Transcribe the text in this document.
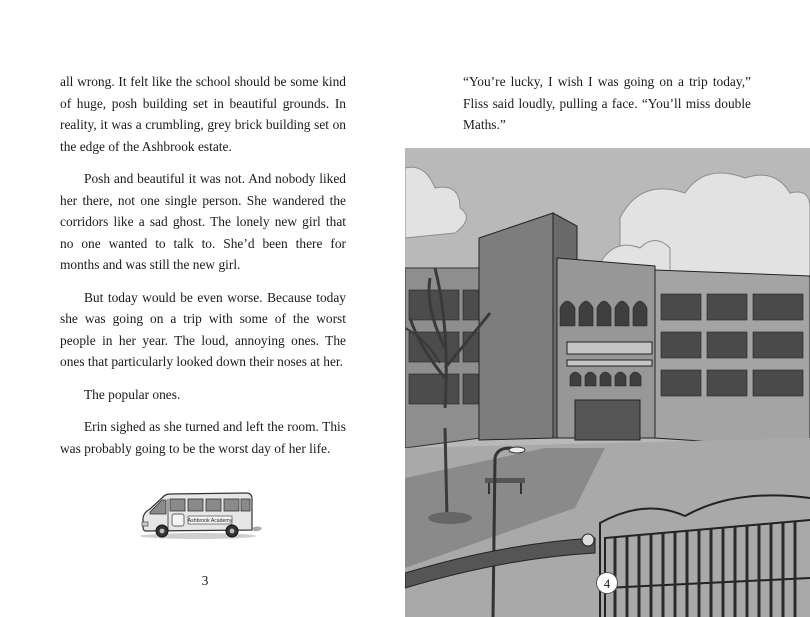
all wrong. It felt like the school should be some kind of huge, posh building set in beautiful grounds. In reality, it was a crumbling, grey brick building set on the edge of the Ashbrook estate.

Posh and beautiful it was not. And nobody liked her there, not one single person. She wandered the corridors like a sad ghost. The lonely new girl that no one wanted to talk to. She’d been there for months and was still the new girl.

But today would be even worse. Because today she was going on a trip with some of the worst people in her year. The loud, annoying ones. The ones that particularly looked down their noses at her.

The popular ones.

Erin sighed as she turned and left the room. This was probably going to be the worst day of her life.

Ashbrook Academy
3

“You’re lucky, I wish I was going on a trip today,” Fliss said loudly, pulling a face. “You’ll miss double Maths.”

4
